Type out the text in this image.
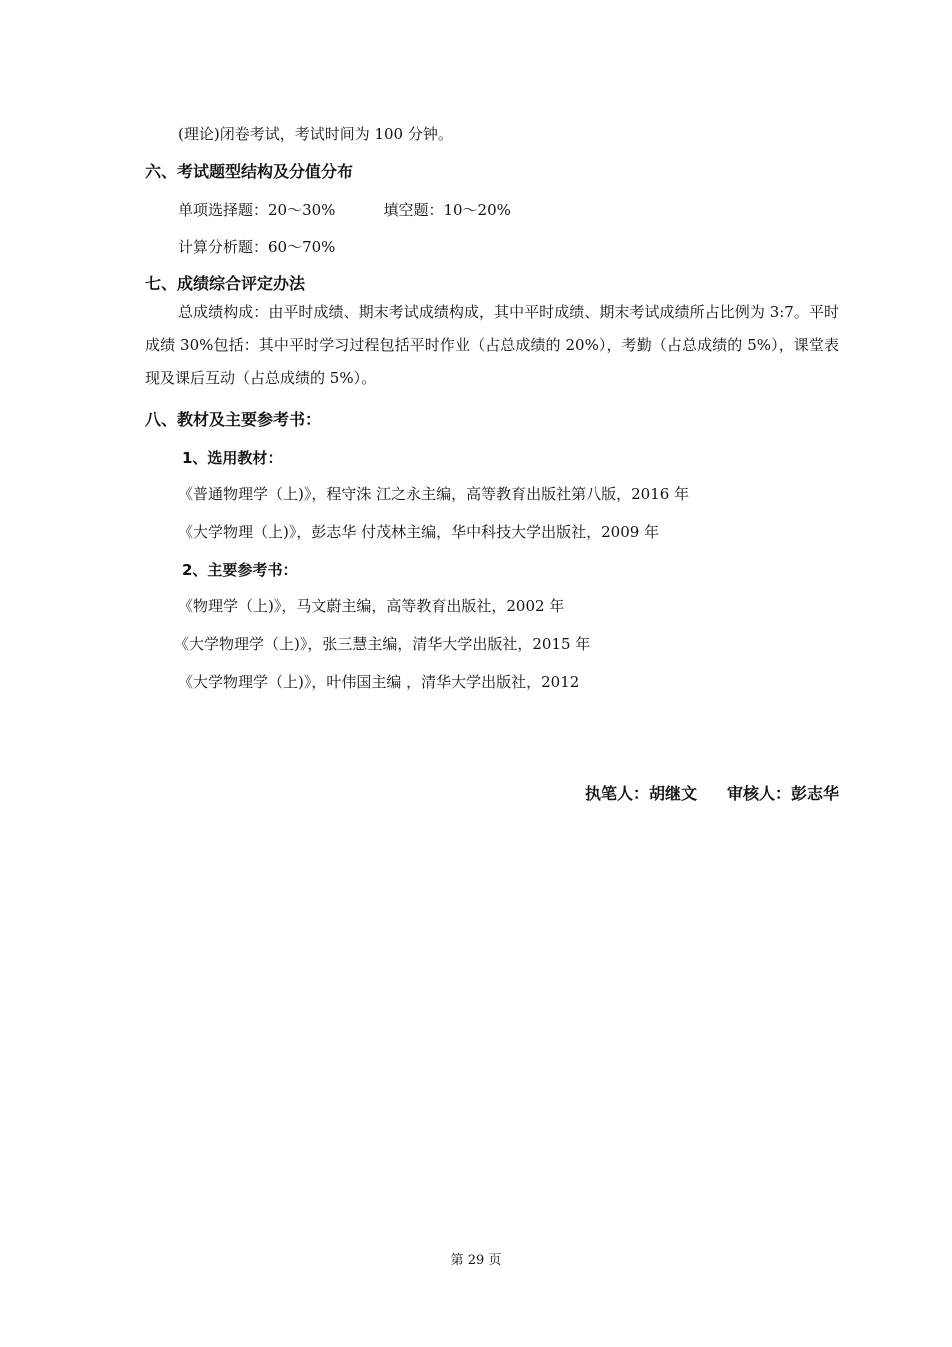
(理论)闭卷考试，考试时间为 100 分钟。
六、考试题型结构及分值分布
单项选择题：20～30%	填空题：10～20%
计算分析题：60～70%
七、成绩综合评定办法
总成绩构成：由平时成绩、期末考试成绩构成，其中平时成绩、期末考试成绩所占比例为 3:7。平时成绩 30%包括：其中平时学习过程包括平时作业（占总成绩的 20%），考勤（占总成绩的 5%），课堂表现及课后互动（占总成绩的 5%）。
八、教材及主要参考书：
1、选用教材：
《普通物理学（上)》，程守洙 江之永主编，高等教育出版社第八版，2016 年
《大学物理（上)》，彭志华 付茂林主编，华中科技大学出版社，2009 年
2、主要参考书：
《物理学（上)》，马文蔚主编，高等教育出版社，2002 年
《大学物理学（上)》，张三慧主编，清华大学出版社，2015 年
《大学物理学（上)》，叶伟国主编 ，清华大学出版社，2012
执笔人：胡继文 审核人：彭志华
第 29 页
